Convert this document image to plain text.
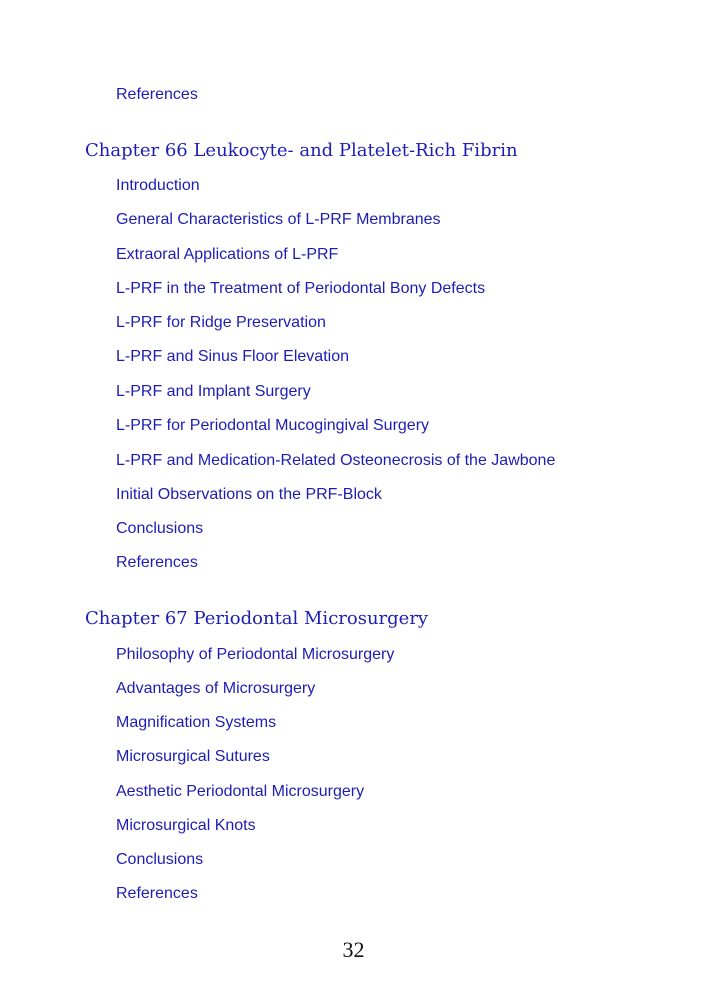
References
Chapter 66 Leukocyte- and Platelet-Rich Fibrin
Introduction
General Characteristics of L-PRF Membranes
Extraoral Applications of L-PRF
L-PRF in the Treatment of Periodontal Bony Defects
L-PRF for Ridge Preservation
L-PRF and Sinus Floor Elevation
L-PRF and Implant Surgery
L-PRF for Periodontal Mucogingival Surgery
L-PRF and Medication-Related Osteonecrosis of the Jawbone
Initial Observations on the PRF-Block
Conclusions
References
Chapter 67 Periodontal Microsurgery
Philosophy of Periodontal Microsurgery
Advantages of Microsurgery
Magnification Systems
Microsurgical Sutures
Aesthetic Periodontal Microsurgery
Microsurgical Knots
Conclusions
References
32
